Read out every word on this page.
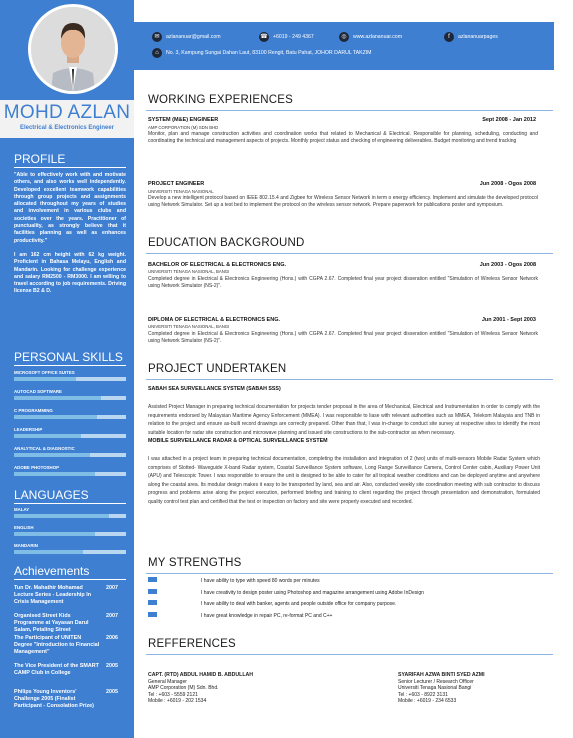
MOHD AZLAN
Electrical & Electronics Engineer
PROFILE

"Able to effectively work with and motivate others, and also works well independently. Developed excellent teamwork capabilities through group projects and assignments allocated throughout my years of studies and involvement in various clubs and societies over the years. Practitioner of punctuality, as strongly believe that it facilities planning as well as enhances productivity."

I am 162 cm height with 62 kg weight. Proficient in Bahasa Melayu, English and Mandarin. Looking for challenge experience and salary RM2500 - RM3000. I am willing to travel according to job requirements. Driving license B2 & D.

PERSONAL SKILLS
MICROSOFT OFFICE SUITES
AUTOCAD SOFTWARE
C PROGRAMMING
LEADERSHIP
ANALYTICAL & DIAGNOSTIC
ADOBE PHOTOSHOP
LANGUAGES
MALAY
ENGLISH
MANDARIN
Achievements
Tun Dr. Mahathir Mohamad Lecture Series - Leadership In Crisis Management
2007
Organised Street Kids Programme at Yayasan Darul Salam, Petaling Street
2007
The Participant of UNITEN Degree "Introduction to Financial Management"
2006
The Vice President of the SMART CAMP Club in College
2005
Philips Young Inventors' Challenge 2005 (Finalist Participant - Consolation Prize)
2005
✉ azlananuar@gmail.com	☎ +6019 - 249 4367	◎ www.azlananuar.com	f azlananuarpages
⌂ No. 3, Kampung Sungai Dahan Laut, 83100 Rengit, Batu Pahat, JOHOR DARUL TAKZIM
WORKING EXPERIENCES
SYSTEM (M&E) ENGINEER	Sept 2008 - Jan 2012
AMP CORPORATION (M) SDN BHD
Monitor, plan and manage construction activities and coordination works that related to Mechanical & Electrical. Responsible for planning, scheduling, conducting and coordinating the technical and management aspects of projects. Monthly project status and checking of engineering deliverables. Budget monitoring and trend tracking
PROJECT ENGINEER	Jun 2008 - Ogos 2008
UNIVERSITI TENAGA NASIONAL
Develop a new intelligent protocol based on IEEE 802.15.4 and Zigbee for Wireless Sensor Network in term o energy efficiency. Implement and simulate the developed protocol using Network Simulator. Set up a test bed to implement the protocol on the wireless sensor network. Prepare paperwork for publications poster and symposium.
EDUCATION BACKGROUND
BACHELOR OF ELECTRICAL & ELECTRONICS ENG.	Jun 2003 - Ogos 2008
UNIVERSITI TENAGA NASIONAL, BANGI
Completed degree in Electrical & Electronics Engineering (Hons.) with CGPA 2.67. Completed final year project disseration entitled "Simulation of Wireless Sensor Network using Network Simulator (NS-2)".
DIPLOMA OF ELECTRICAL & ELECTRONICS ENG.	Jun 2001 - Sept 2003
UNIVERSITI TENAGA NASIONAL, BANGI
Completed degree in Electrical & Electronics Engineering (Hons.) with CGPA 2.67. Completed final year project disseration entitled "Simulation of Wireless Sensor Network using Network Simulator (NS-2)".
PROJECT UNDERTAKEN
SABAH SEA SURVEILLANCE SYSTEM (SABAH SSS)
Assisted Project Manager in preparing technical documentation for projects tender proposal in the area of Mechanical, Electrical and Instrumentation in order to comply with the requirements endorsed by Malaysian Maritime Agency Enforcement (MMEA). I was responsible to liase with relevant authorities such as MMEA, Telekom Malaysia and TNB in relation to the project and ensure as-built record drawings are correctly prepared. Other than that, I was in-charge to conduct site survey at respective sites to identify the most suitable location for radar site construction and microwave planning and issued site constructions to the sub-contractor as when necessary.
MOBILE SURVEILLANCE RADAR & OPTICAL SURVEILLANCE SYSTEM
I was attached in a project team in preparing technical documentation, completing the installation and integration of 2 (two) units of multi-sensors Mobile Radar System which comprises of Slotted- Waveguide X-band Radar system, Coastal Surveillance System software, Long Range Surveillance Camera, Control Center cabin, Auxiliary Power Unit (APU) and Telescopic Tower. I was responsible to ensure the unit is designed to be able to cater for all tropical weather conditions and can be deployed anytime and anywhere along the coastal area. Its modular design makes it easy to be transported by land, sea and air. Also, conducted weekly site coordination meeting with sub contractor to discuss progress and problems arise along the project execution, performed briefing and training to client regarding the project through presentation and demonstration, formulated quality control test plan and certified that the test or inspection on factory and site were properly executed and recorded.
MY STRENGTHS
I have ability to type with speed 80 words per minutes
I have creativity to design poster using Photoshop and magazine arrangement using Adobe InDesign
I have ability to deal with banker, agents and people outside office for company purpose.
I have great knowledge in repair PC, re-format PC and C++
REFFERENCES
CAPT. (RTD) ABDUL HAMID B. ABDULLAH
General Manager
AMP Corporation (M) Sdn. Bhd.
Tel : +603 - 5559 2121
Mobile : +6019 - 202 1534
SYARIFAH AZWA BINTI SYED AZMI
Senior Lecturer / Research Officer
Universiti Tenaga Nasional Bangi
Tel : +603 - 8922 3131
Mobile : +6019 - 234 6533
